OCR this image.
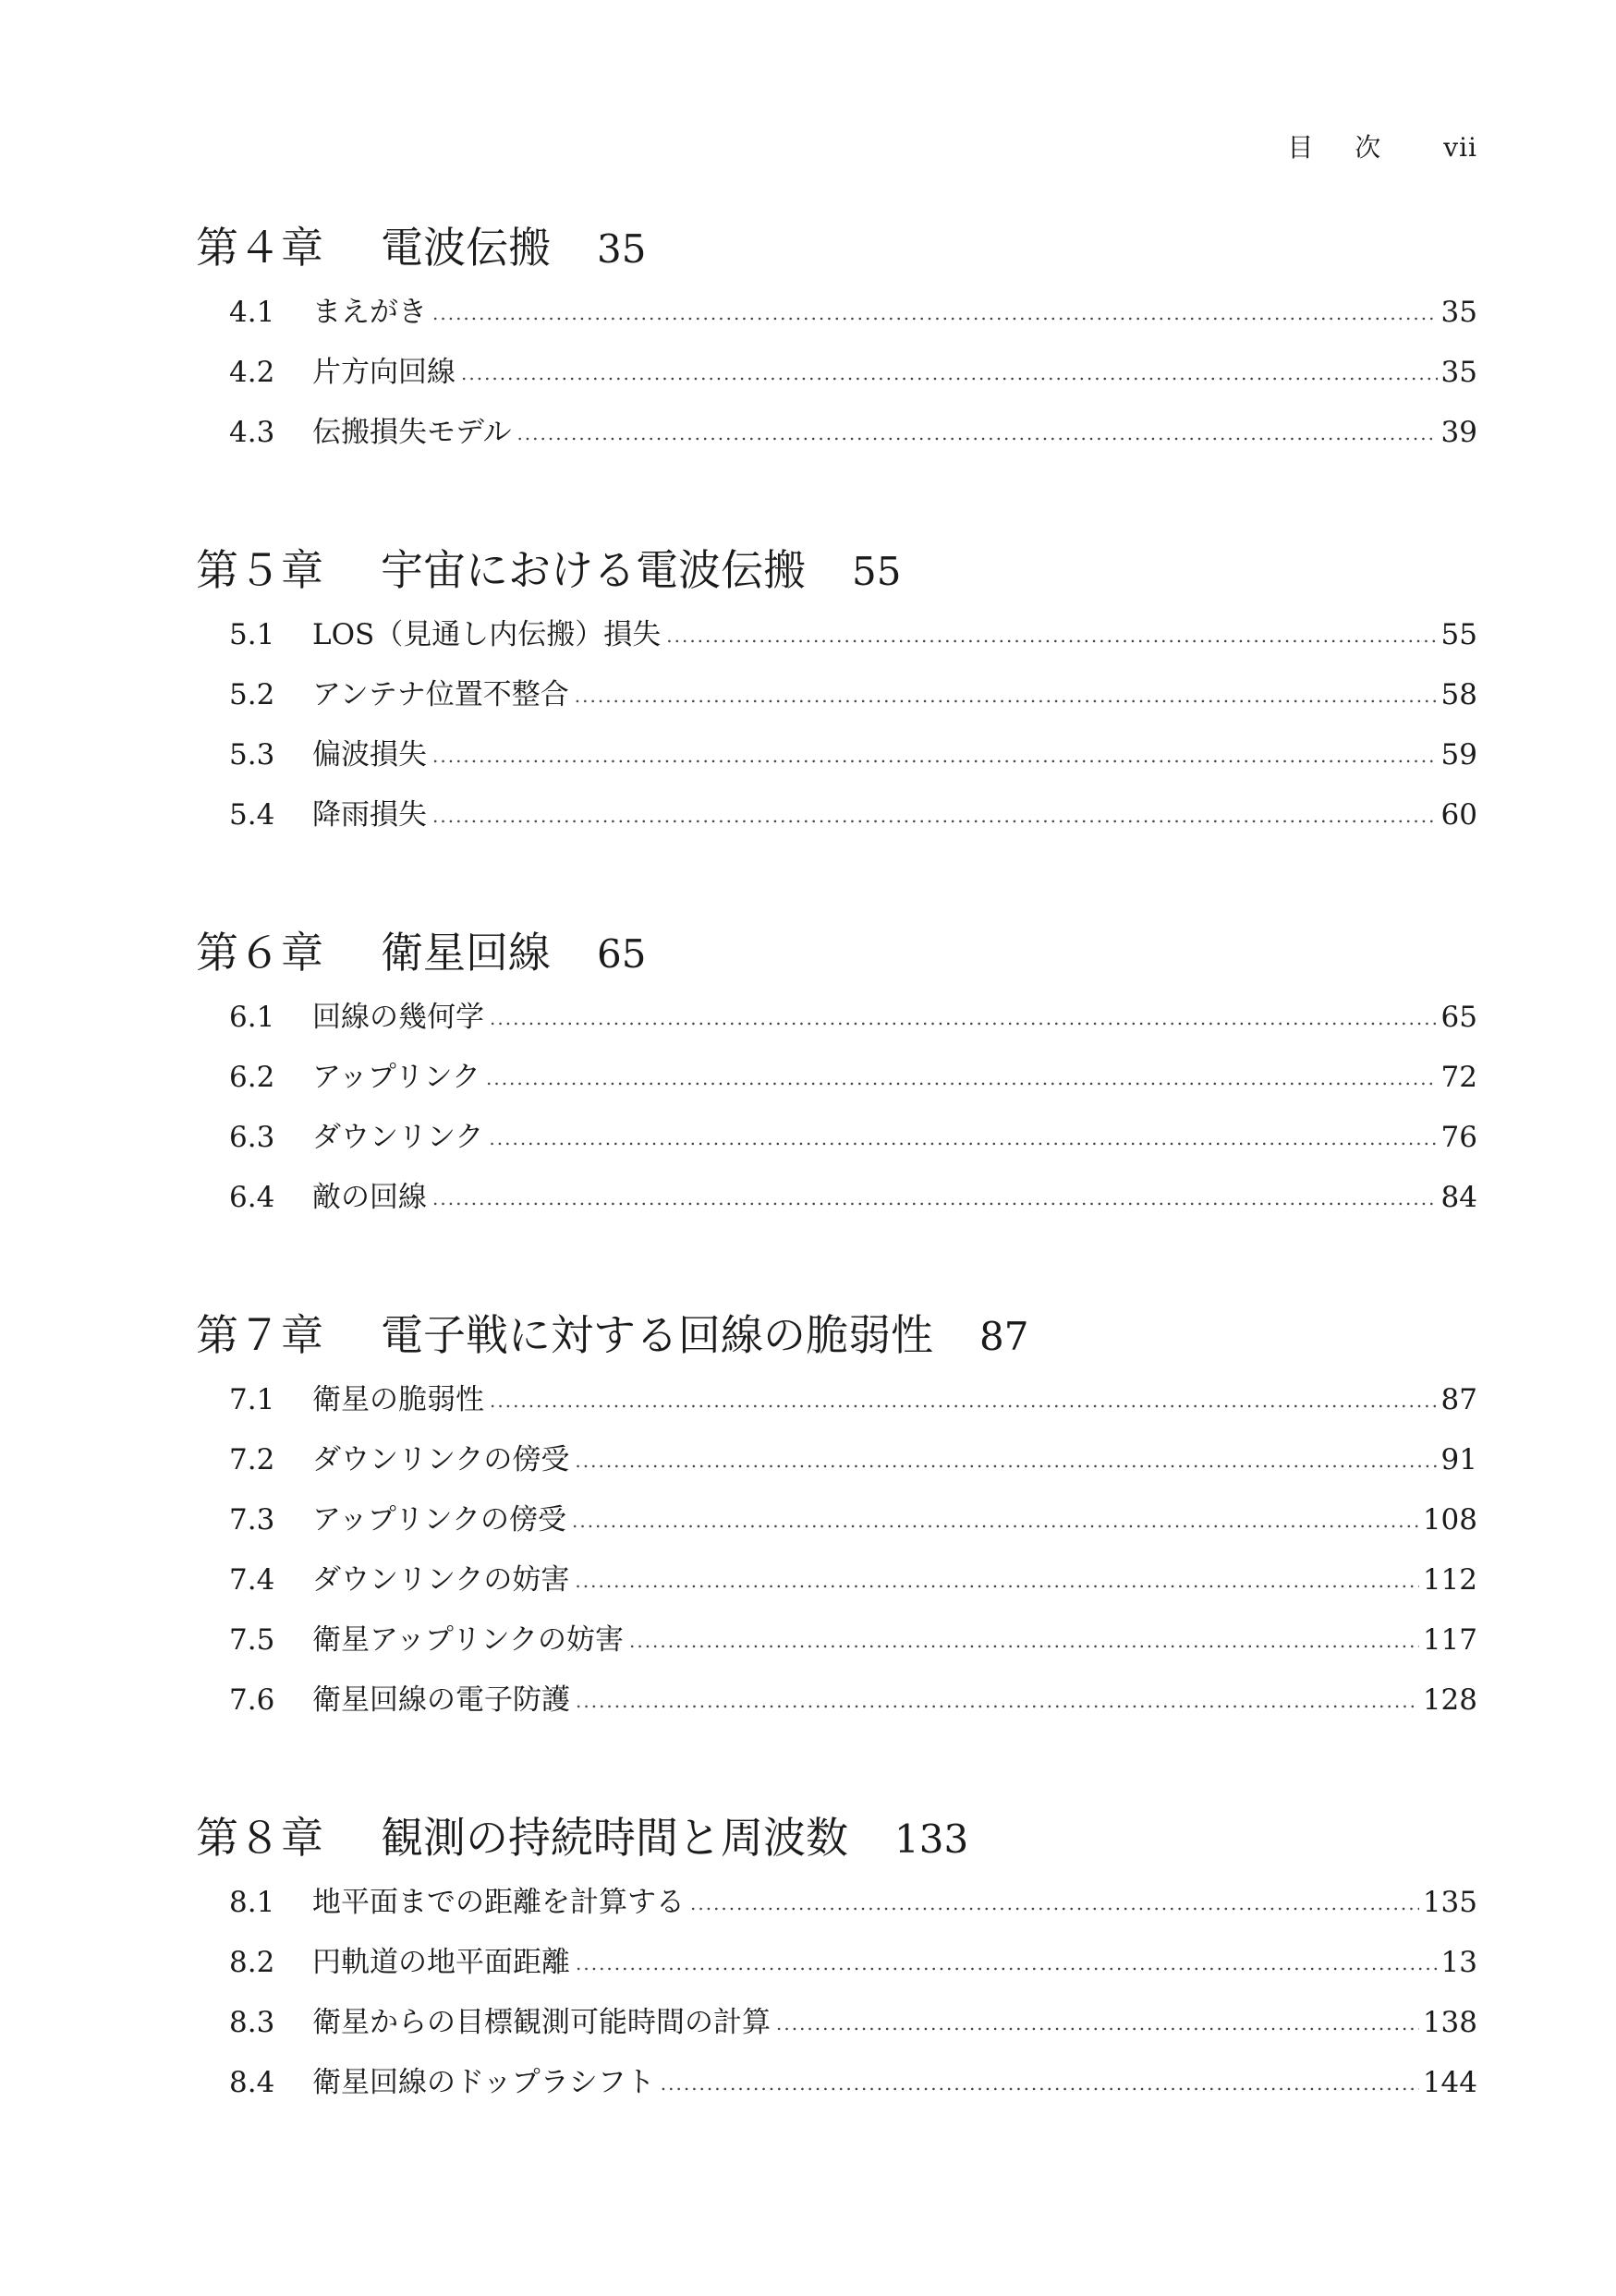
目 次 vii
第４章	電波伝搬 35
4.1	まえがき .....	35
4.2	片方向回線 .....	35
4.3	伝搬損失モデル .....	39
第５章	宇宙における電波伝搬 55
5.1	LOS（見通し内伝搬）損失 .....	55
5.2	アンテナ位置不整合 .....	58
5.3	偏波損失 .....	59
5.4	降雨損失 .....	60
第６章	衛星回線 65
6.1	回線の幾何学 .....	65
6.2	アップリンク .....	72
6.3	ダウンリンク .....	76
6.4	敵の回線 .....	84
第７章	電子戦に対する回線の脆弱性 87
7.1	衛星の脆弱性 .....	87
7.2	ダウンリンクの傍受 .....	91
7.3	アップリンクの傍受 .....	108
7.4	ダウンリンクの妨害 .....	112
7.5	衛星アップリンクの妨害 .....	117
7.6	衛星回線の電子防護 .....	128
第８章	観測の持続時間と周波数 133
8.1	地平面までの距離を計算する .....	135
8.2	円軌道の地平面距離 .....	13
8.3	衛星からの目標観測可能時間の計算 .....	138
8.4	衛星回線のドップラシフト .....	144
